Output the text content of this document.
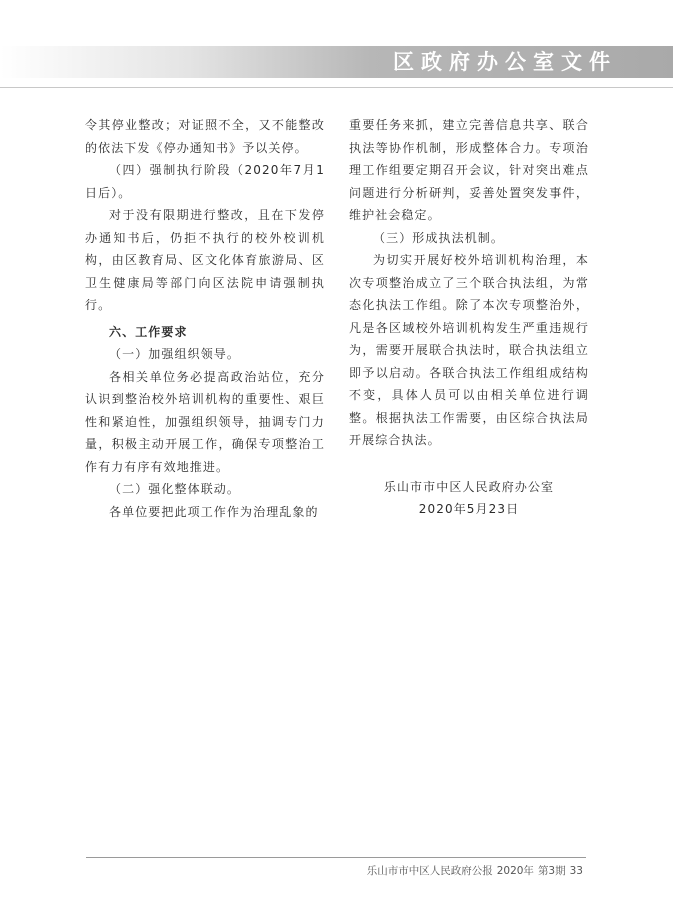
区政府办公室文件

令其停业整改；对证照不全，又不能整改的依法下发《停办通知书》予以关停。

（四）强制执行阶段（2020年7月1日后）。

对于没有限期进行整改，且在下发停办通知书后，仍拒不执行的校外校训机构，由区教育局、区文化体育旅游局、区卫生健康局等部门向区法院申请强制执行。

六、工作要求

（一）加强组织领导。

各相关单位务必提高政治站位，充分认识到整治校外培训机构的重要性、艰巨性和紧迫性，加强组织领导，抽调专门力量，积极主动开展工作，确保专项整治工作有力有序有效地推进。

（二）强化整体联动。

各单位要把此项工作作为治理乱象的

重要任务来抓，建立完善信息共享、联合执法等协作机制，形成整体合力。专项治理工作组要定期召开会议，针对突出难点问题进行分析研判，妥善处置突发事件，维护社会稳定。

（三）形成执法机制。

为切实开展好校外培训机构治理，本次专项整治成立了三个联合执法组，为常态化执法工作组。除了本次专项整治外，凡是各区域校外培训机构发生严重违规行为，需要开展联合执法时，联合执法组立即予以启动。各联合执法工作组组成结构不变，具体人员可以由相关单位进行调整。根据执法工作需要，由区综合执法局开展综合执法。

乐山市市中区人民政府办公室

2020年5月23日

乐山市市中区人民政府公报 2020年 第3期 33
